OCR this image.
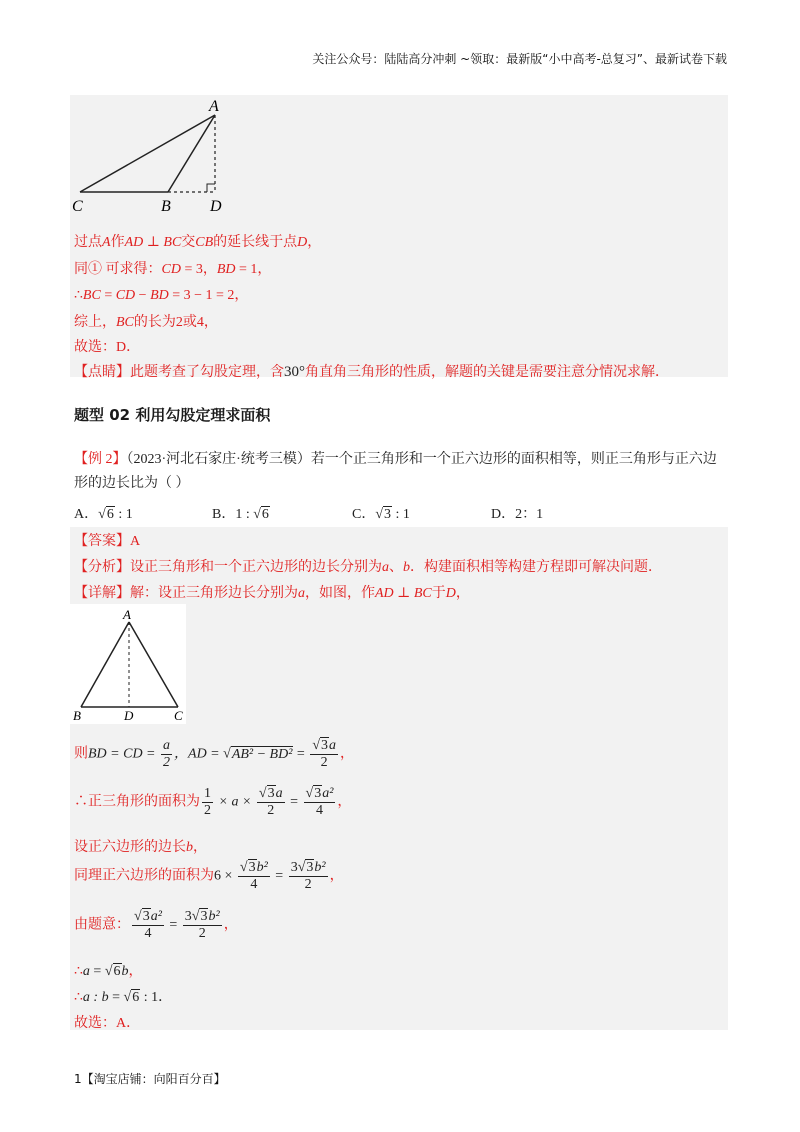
关注公众号：陆陆高分冲刺 ~领取：最新版“小中高考-总复习”、最新试卷下载
A
C	B D
过点A作AD ⊥ BC交CB的延长线于点D，
同① 可求得：CD = 3，BD = 1，
∴BC = CD − BD = 3 − 1 = 2，
综上，BC的长为2或4，
故选：D．
【点睛】此题考查了勾股定理，含30°角直角三角形的性质，解题的关键是需要注意分情况求解．
题型 02 利用勾股定理求面积
【例 2】（2023·河北石家庄·统考三模）若一个正三角形和一个正六边形的面积相等，则正三角形与正六边
形的边长比为（ ）
A．√6 : 1	B．1 : √6	C．√3 : 1	D．2：1
【答案】A
【分析】设正三角形和一个正六边形的边长分别为a、b．构建面积相等构建方程即可解决问题．
【详解】解：设正三角形边长分别为a，如图，作AD ⊥ BC于D，
A
B	D	C
则BD = CD = $\frac{a}{2}$ ，AD = $√AB^2 - BD^2 = \frac{√3a}{2}$ ，
∴正三角形的面积为 $\frac{1}{2} \times a \times \frac{√3a}{2} = \frac{\text{√3a²}}{4}$ ，
设正六边形的边长b，
同理正六边形的面积为$6 \times \frac{\text{√3b²}}{4} = \frac{\text{3√3b²}}{2}$ ，
由题意： $\frac{\text{√3a²}}{4} = \frac{\text{3√3b²}}{2}$ ，
∴a = √6b，
∴a : b = √6 : 1．
故选：A．
1【淘宝店铺：向阳百分百】
